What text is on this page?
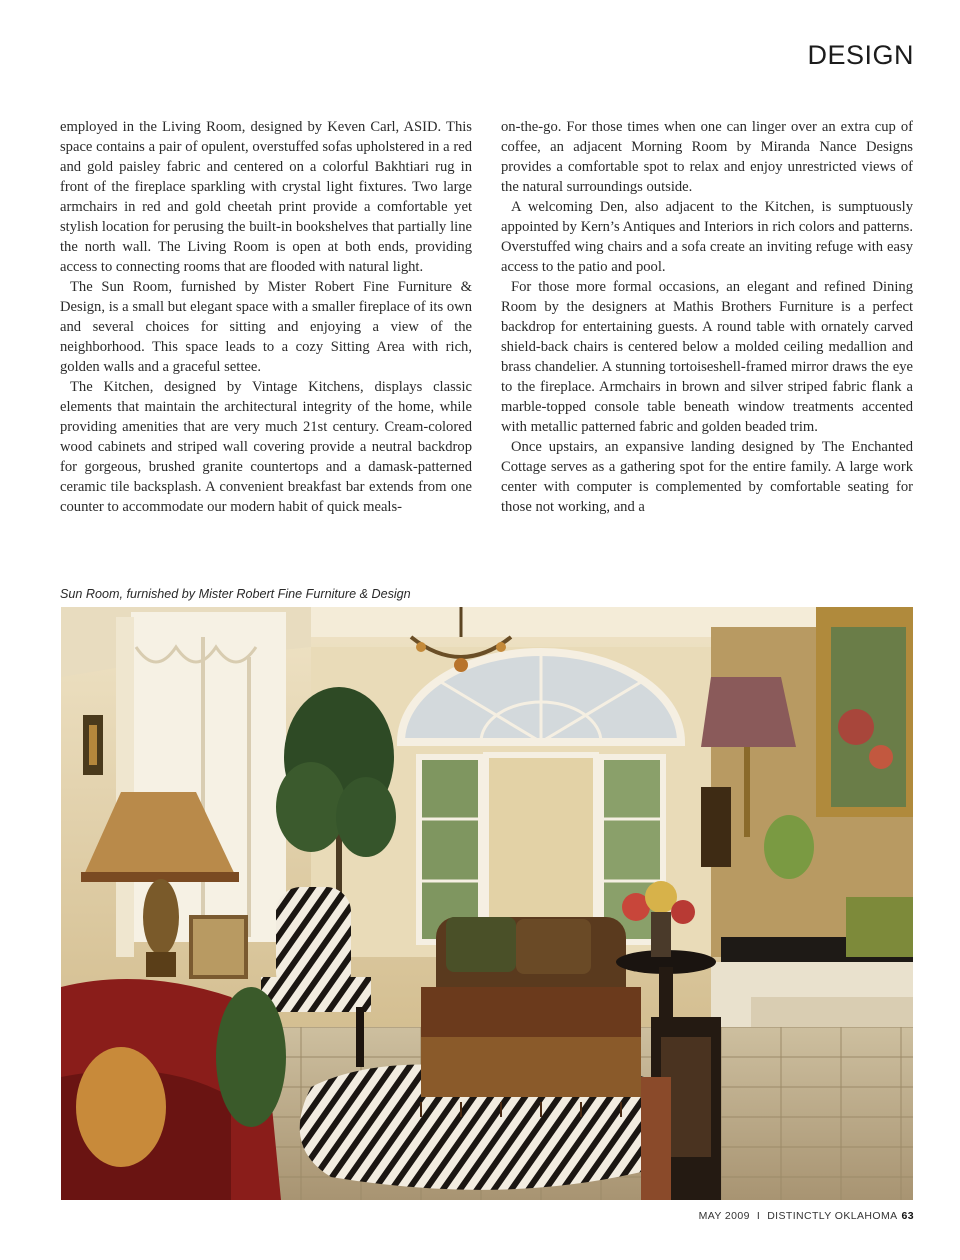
DESIGN

employed in the Living Room, designed by Keven Carl, ASID. This space contains a pair of opulent, overstuffed sofas upholstered in a red and gold paisley fabric and centered on a colorful Bakhtiari rug in front of the fireplace sparkling with crystal light fixtures. Two large armchairs in red and gold cheetah print provide a comfortable yet stylish location for perusing the built-in bookshelves that partially line the north wall. The Living Room is open at both ends, providing access to connecting rooms that are flooded with natural light.

The Sun Room, furnished by Mister Robert Fine Furniture & Design, is a small but elegant space with a smaller fireplace of its own and several choices for sitting and enjoying a view of the neighborhood. This space leads to a cozy Sitting Area with rich, golden walls and a graceful settee.

The Kitchen, designed by Vintage Kitchens, displays classic elements that maintain the architectural integrity of the home, while providing amenities that are very much 21st century. Cream-colored wood cabinets and striped wall covering provide a neutral backdrop for gorgeous, brushed granite countertops and a damask-patterned ceramic tile backsplash. A convenient breakfast bar extends from one counter to accommodate our modern habit of quick meals-

on-the-go. For those times when one can linger over an extra cup of coffee, an adjacent Morning Room by Miranda Nance Designs provides a comfortable spot to relax and enjoy unrestricted views of the natural surroundings outside.

A welcoming Den, also adjacent to the Kitchen, is sumptuously appointed by Kern’s Antiques and Interiors in rich colors and patterns. Overstuffed wing chairs and a sofa create an inviting refuge with easy access to the patio and pool.

For those more formal occasions, an elegant and refined Dining Room by the designers at Mathis Brothers Furniture is a perfect backdrop for entertaining guests. A round table with ornately carved shield-back chairs is centered below a molded ceiling medallion and brass chandelier. A stunning tortoiseshell-framed mirror draws the eye to the fireplace. Armchairs in brown and silver striped fabric flank a marble-topped console table beneath window treatments accented with metallic patterned fabric and golden beaded trim.

Once upstairs, an expansive landing designed by The Enchanted Cottage serves as a gathering spot for the entire family. A large work center with computer is complemented by comfortable seating for those not working, and a

Sun Room, furnished by Mister Robert Fine Furniture & Design
MAY 2009 I DISTINCTLY OKLAHOMA 63
